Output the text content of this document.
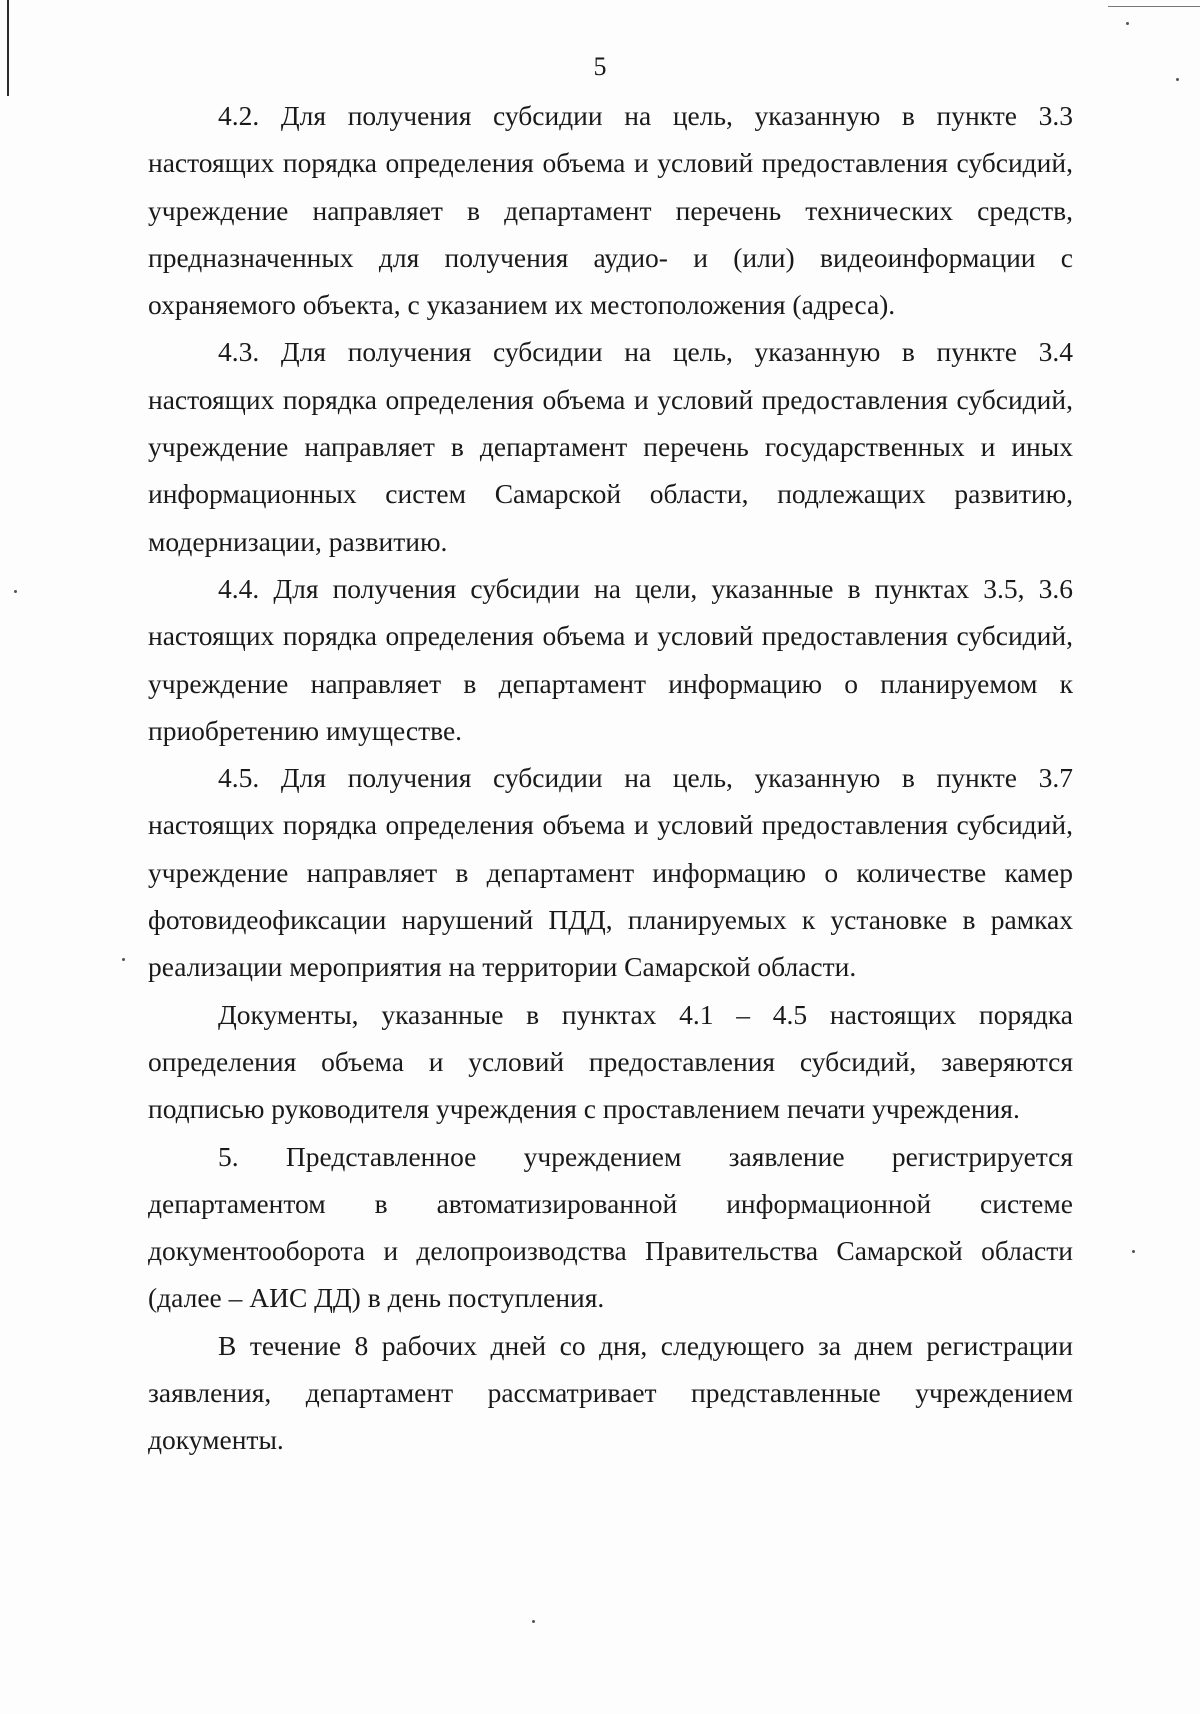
5

4.2. Для получения субсидии на цель, указанную в пункте 3.3 настоящих порядка определения объема и условий предоставления субсидий, учреждение направляет в департамент перечень технических средств, предназначенных для получения аудио- и (или) видеоинформации с охраняемого объекта, с указанием их местоположения (адреса).

4.3. Для получения субсидии на цель, указанную в пункте 3.4 настоящих порядка определения объема и условий предоставления субсидий, учреждение направляет в департамент перечень государственных и иных информационных систем Самарской области, подлежащих развитию, модернизации, развитию.

4.4. Для получения субсидии на цели, указанные в пунктах 3.5, 3.6 настоящих порядка определения объема и условий предоставления субсидий, учреждение направляет в департамент информацию о планируемом к приобретению имуществе.

4.5. Для получения субсидии на цель, указанную в пункте 3.7 настоящих порядка определения объема и условий предоставления субсидий, учреждение направляет в департамент информацию о количестве камер фотовидеофиксации нарушений ПДД, планируемых к установке в рамках реализации мероприятия на территории Самарской области.

Документы, указанные в пунктах 4.1 – 4.5 настоящих порядка определения объема и условий предоставления субсидий, заверяются подписью руководителя учреждения с проставлением печати учреждения.

5. Представленное учреждением заявление регистрируется департаментом в автоматизированной информационной системе документооборота и делопроизводства Правительства Самарской области (далее – АИС ДД) в день поступления.

В течение 8 рабочих дней со дня, следующего за днем регистрации заявления, департамент рассматривает представленные учреждением документы.
